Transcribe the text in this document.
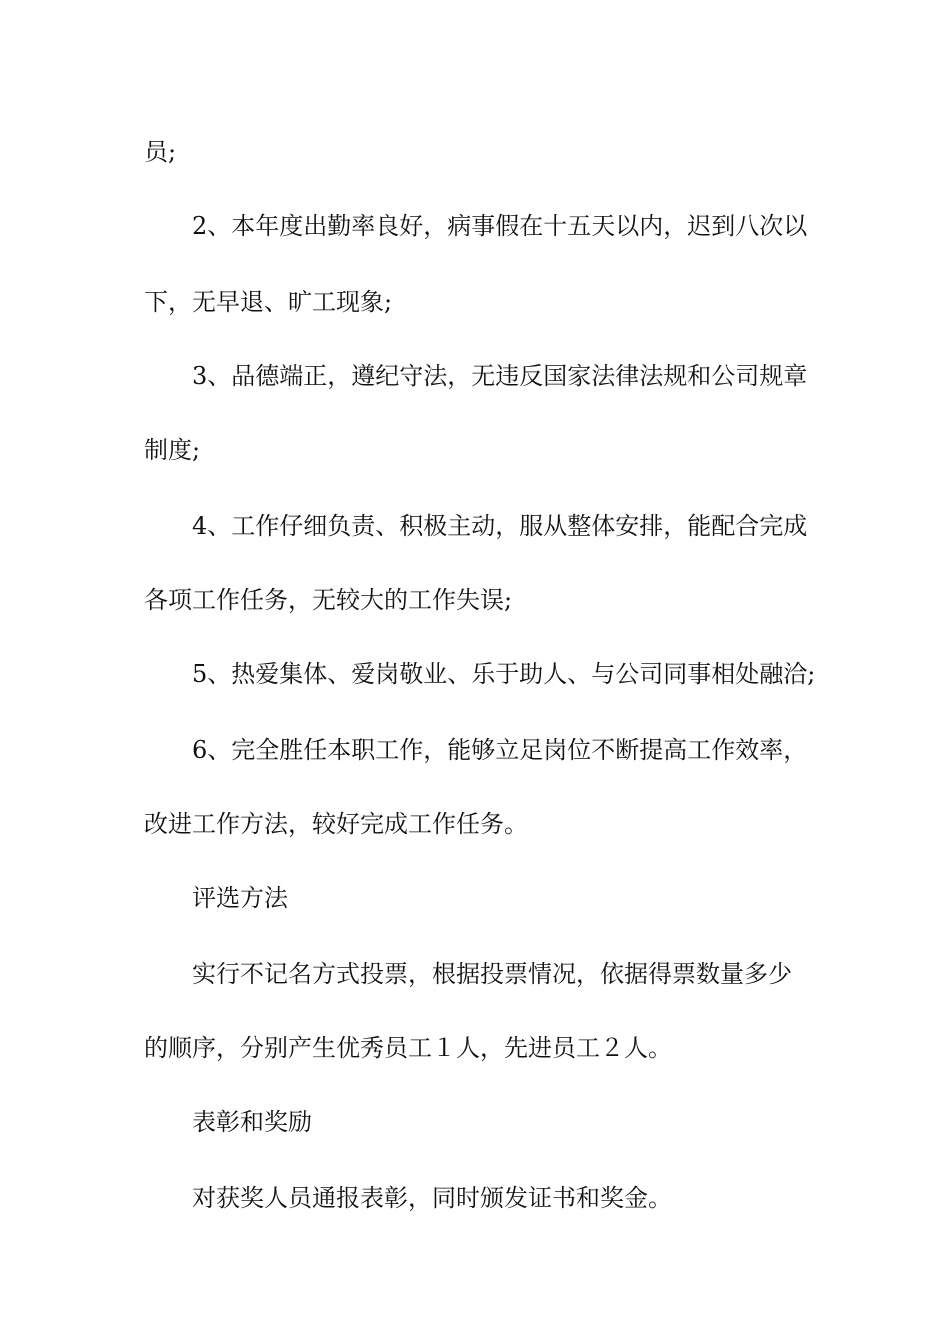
员;
2、本年度出勤率良好，病事假在十五天以内，迟到八次以
下，无早退、旷工现象;
3、品德端正，遵纪守法，无违反国家法律法规和公司规章
制度;
4、工作仔细负责、积极主动，服从整体安排，能配合完成
各项工作任务，无较大的工作失误;
5、热爱集体、爱岗敬业、乐于助人、与公司同事相处融洽;
6、完全胜任本职工作，能够立足岗位不断提高工作效率，
改进工作方法，较好完成工作任务。
评选方法
实行不记名方式投票，根据投票情况，依据得票数量多少
的顺序，分别产生优秀员工１人，先进员工２人。
表彰和奖励
对获奖人员通报表彰，同时颁发证书和奖金。
